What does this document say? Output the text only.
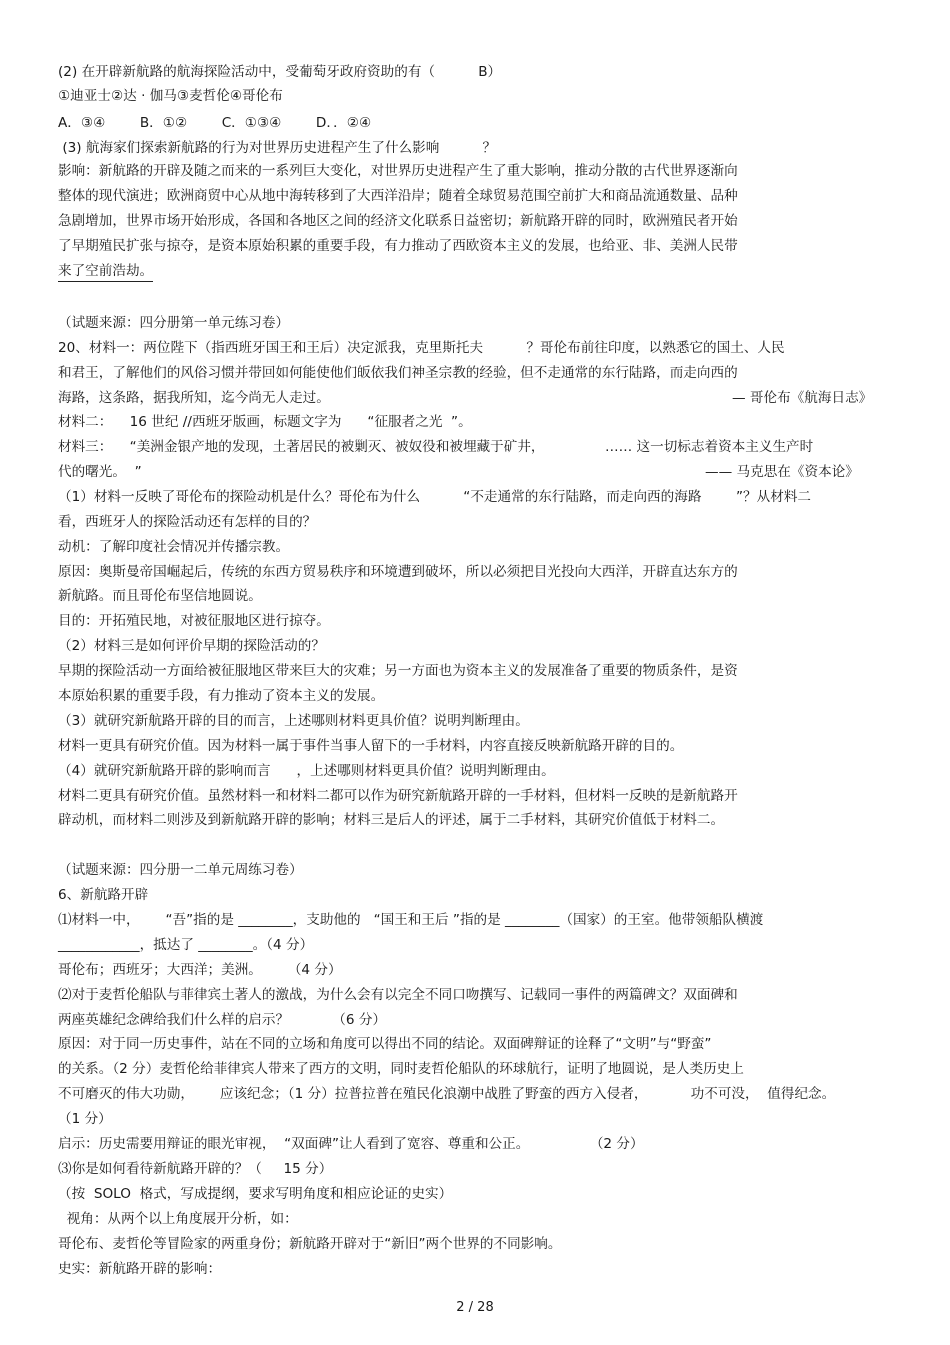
(2) 在开辟新航路的航海探险活动中，受葡萄牙政府资助的有（          B）
①迪亚士②达 · 伽马③麦哲伦④哥伦布
A．③④        B．①②        C．①③④        D．．②④
(3) 航海家们探索新航路的行为对世界历史进程产生了什么影响          ？
影响：新航路的开辟及随之而来的一系列巨大变化，对世界历史进程产生了重大影响，推动分散的古代世界逐渐向
整体的现代演进；欧洲商贸中心从地中海转移到了大西洋沿岸；随着全球贸易范围空前扩大和商品流通数量、品种
急剧增加，世界市场开始形成，各国和各地区之间的经济文化联系日益密切；新航路开辟的同时，欧洲殖民者开始
了早期殖民扩张与掠夺，是资本原始积累的重要手段，有力推动了西欧资本主义的发展，也给亚、非、美洲人民带
来了空前浩劫。
（试题来源：四分册第一单元练习卷）
20、材料一：两位陛下（指西班牙国王和王后）决定派我，克里斯托夫          ？哥伦布前往印度，以熟悉它的国土、人民
和君王，了解他们的风俗习惯并带回如何能使他们皈依我们神圣宗教的经验，但不走通常的东行陆路，而走向西的
海路，这条路，据我所知，迄今尚无人走过。	— 哥伦布《航海日志》
材料二：    16 世纪 //西班牙版画，标题文字为      “征服者之光  ”。
材料三：    “美洲金银产地的发现，土著居民的被剿灭、被奴役和被埋藏于矿井，              …… 这一切标志着资本主义生产时
代的曙光。  ”	—— 马克思在《资本论》
（1）材料一反映了哥伦布的探险动机是什么？哥伦布为什么          “不走通常的东行陆路，而走向西的海路        ”？从材料二
看，西班牙人的探险活动还有怎样的目的？
动机：了解印度社会情况并传播宗教。
原因：奥斯曼帝国崛起后，传统的东西方贸易秩序和环境遭到破坏，所以必须把目光投向大西洋，开辟直达东方的
新航路。而且哥伦布坚信地圆说。
目的：开拓殖民地，对被征服地区进行掠夺。
（2）材料三是如何评价早期的探险活动的？
早期的探险活动一方面给被征服地区带来巨大的灾难；另一方面也为资本主义的发展准备了重要的物质条件，是资
本原始积累的重要手段，有力推动了资本主义的发展。
（3）就研究新航路开辟的目的而言，上述哪则材料更具价值？说明判断理由。
材料一更具有研究价值。因为材料一属于事件当事人留下的一手材料，内容直接反映新航路开辟的目的。
（4）就研究新航路开辟的影响而言      ，上述哪则材料更具价值？说明判断理由。
材料二更具有研究价值。虽然材料一和材料二都可以作为研究新航路开辟的一手材料，但材料一反映的是新航路开
辟动机，而材料二则涉及到新航路开辟的影响；材料三是后人的评述，属于二手材料，其研究价值低于材料二。
（试题来源：四分册一二单元周练习卷）
6、新航路开辟
⑴材料一中，      “吾”指的是 ________，支助他的   “国王和王后 ”指的是 ________（国家）的王室。他带领船队横渡
____________，抵达了 ________。（4 分）
哥伦布；西班牙；大西洋；美洲。      （4 分）
⑵对于麦哲伦船队与菲律宾土著人的激战，为什么会有以完全不同口吻撰写、记载同一事件的两篇碑文？双面碑和
两座英雄纪念碑给我们什么样的启示？          （6 分）
原因：对于同一历史事件，站在不同的立场和角度可以得出不同的结论。双面碑辩证的诠释了“文明”与“野蛮”
的关系。（2 分）麦哲伦给菲律宾人带来了西方的文明，同时麦哲伦船队的环球航行，证明了地圆说，是人类历史上
不可磨灭的伟大功勋，      应该纪念；（1 分）拉普拉普在殖民化浪潮中战胜了野蛮的西方入侵者，          功不可没，  值得纪念。
（1 分）
启示：历史需要用辩证的眼光审视，  “双面碑”让人看到了宽容、尊重和公正。              （2 分）
⑶你是如何看待新航路开辟的？（     15 分）
（按  SOLO  格式，写成提纲，要求写明角度和相应论证的史实）
视角：从两个以上角度展开分析，如：
哥伦布、麦哲伦等冒险家的两重身份；新航路开辟对于“新旧”两个世界的不同影响。
史实：新航路开辟的影响：
2 / 28
